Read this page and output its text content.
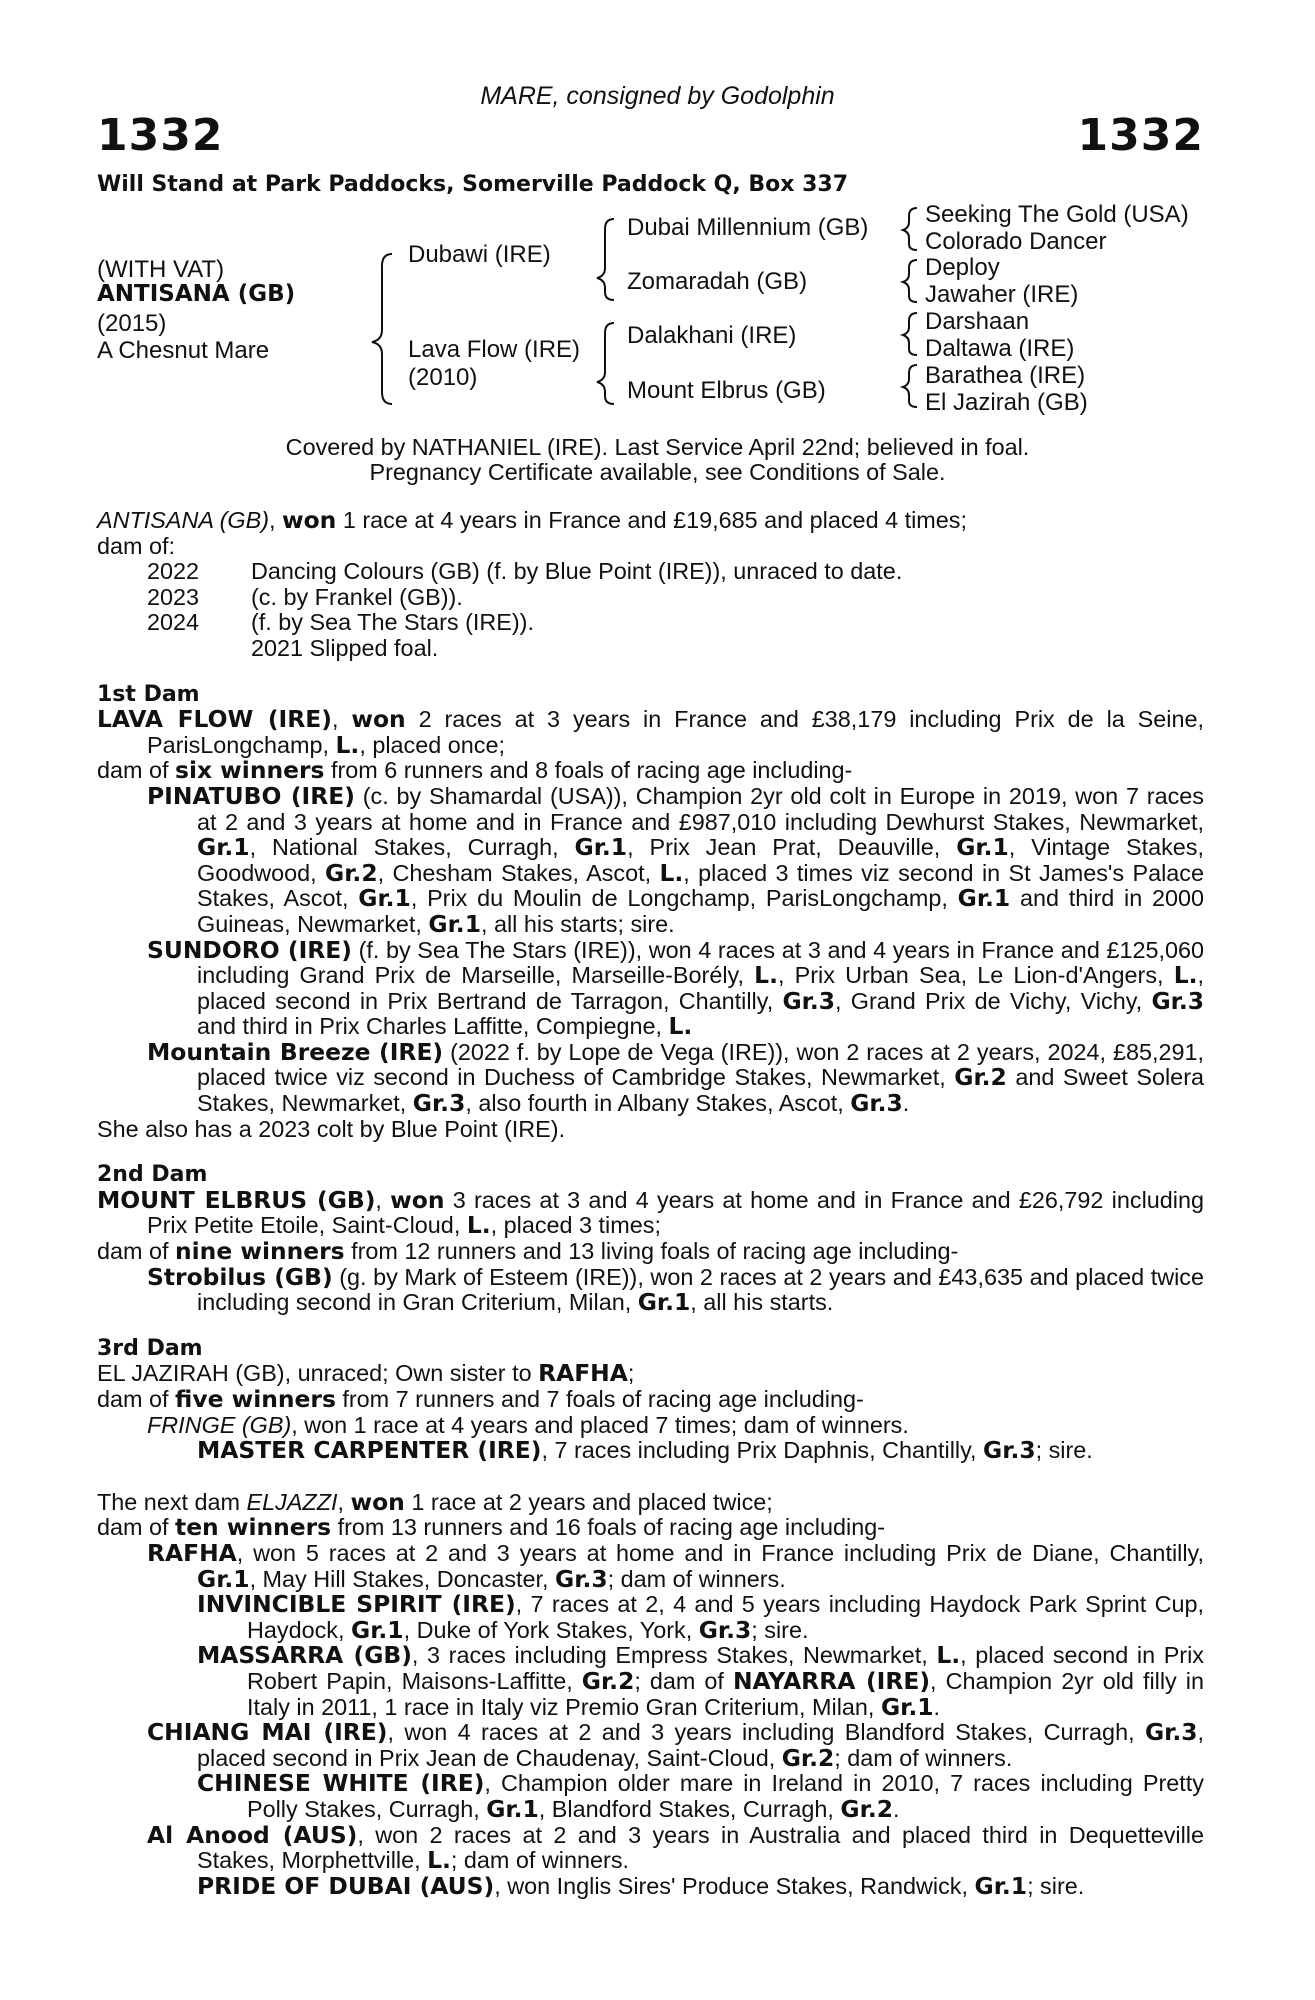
MARE, consigned by Godolphin
1332	1332
Will Stand at Park Paddocks, Somerville Paddock Q, Box 337
(WITH VAT)
ANTISANA (GB)
(2015)
A Chesnut Mare
Dubawi (IRE)
Lava Flow (IRE)
(2010)
Dubai Millennium (GB)
Zomaradah (GB)
Dalakhani (IRE)
Mount Elbrus (GB)
Seeking The Gold (USA)
Colorado Dancer
Deploy
Jawaher (IRE)
Darshaan
Daltawa (IRE)
Barathea (IRE)
El Jazirah (GB)
Covered by NATHANIEL (IRE). Last Service April 22nd; believed in foal.
Pregnancy Certificate available, see Conditions of Sale.

ANTISANA (GB), won 1 race at 4 years in France and £19,685 and placed 4 times;

dam of:

2022	Dancing Colours (GB) (f. by Blue Point (IRE)), unraced to date.
2023	(c. by Frankel (GB)).
2024	(f. by Sea The Stars (IRE)).
2021 Slipped foal.
1st Dam

LAVA FLOW (IRE), won 2 races at 3 years in France and £38,179 including Prix de la Seine, ParisLongchamp, L., placed once;

dam of six winners from 6 runners and 8 foals of racing age including-

PINATUBO (IRE) (c. by Shamardal (USA)), Champion 2yr old colt in Europe in 2019, won 7 races at 2 and 3 years at home and in France and £987,010 including Dewhurst Stakes, Newmarket, Gr.1, National Stakes, Curragh, Gr.1, Prix Jean Prat, Deauville, Gr.1, Vintage Stakes, Goodwood, Gr.2, Chesham Stakes, Ascot, L., placed 3 times viz second in St James's Palace Stakes, Ascot, Gr.1, Prix du Moulin de Longchamp, ParisLongchamp, Gr.1 and third in 2000 Guineas, Newmarket, Gr.1, all his starts; sire.

SUNDORO (IRE) (f. by Sea The Stars (IRE)), won 4 races at 3 and 4 years in France and £125,060 including Grand Prix de Marseille, Marseille-Borély, L., Prix Urban Sea, Le Lion-d'Angers, L., placed second in Prix Bertrand de Tarragon, Chantilly, Gr.3, Grand Prix de Vichy, Vichy, Gr.3 and third in Prix Charles Laffitte, Compiegne, L.

Mountain Breeze (IRE) (2022 f. by Lope de Vega (IRE)), won 2 races at 2 years, 2024, £85,291, placed twice viz second in Duchess of Cambridge Stakes, Newmarket, Gr.2 and Sweet Solera Stakes, Newmarket, Gr.3, also fourth in Albany Stakes, Ascot, Gr.3.

She also has a 2023 colt by Blue Point (IRE).

2nd Dam

MOUNT ELBRUS (GB), won 3 races at 3 and 4 years at home and in France and £26,792 including Prix Petite Etoile, Saint-Cloud, L., placed 3 times;

dam of nine winners from 12 runners and 13 living foals of racing age including-

Strobilus (GB) (g. by Mark of Esteem (IRE)), won 2 races at 2 years and £43,635 and placed twice including second in Gran Criterium, Milan, Gr.1, all his starts.

3rd Dam

EL JAZIRAH (GB), unraced; Own sister to RAFHA;

dam of five winners from 7 runners and 7 foals of racing age including-

FRINGE (GB), won 1 race at 4 years and placed 7 times; dam of winners.

MASTER CARPENTER (IRE), 7 races including Prix Daphnis, Chantilly, Gr.3; sire.

The next dam ELJAZZI, won 1 race at 2 years and placed twice;

dam of ten winners from 13 runners and 16 foals of racing age including-

RAFHA, won 5 races at 2 and 3 years at home and in France including Prix de Diane, Chantilly, Gr.1, May Hill Stakes, Doncaster, Gr.3; dam of winners.

INVINCIBLE SPIRIT (IRE), 7 races at 2, 4 and 5 years including Haydock Park Sprint Cup, Haydock, Gr.1, Duke of York Stakes, York, Gr.3; sire.

MASSARRA (GB), 3 races including Empress Stakes, Newmarket, L., placed second in Prix Robert Papin, Maisons-Laffitte, Gr.2; dam of NAYARRA (IRE), Champion 2yr old filly in Italy in 2011, 1 race in Italy viz Premio Gran Criterium, Milan, Gr.1.

CHIANG MAI (IRE), won 4 races at 2 and 3 years including Blandford Stakes, Curragh, Gr.3, placed second in Prix Jean de Chaudenay, Saint-Cloud, Gr.2; dam of winners.

CHINESE WHITE (IRE), Champion older mare in Ireland in 2010, 7 races including Pretty Polly Stakes, Curragh, Gr.1, Blandford Stakes, Curragh, Gr.2.

Al Anood (AUS), won 2 races at 2 and 3 years in Australia and placed third in Dequetteville Stakes, Morphettville, L.; dam of winners.

PRIDE OF DUBAI (AUS), won Inglis Sires' Produce Stakes, Randwick, Gr.1; sire.
